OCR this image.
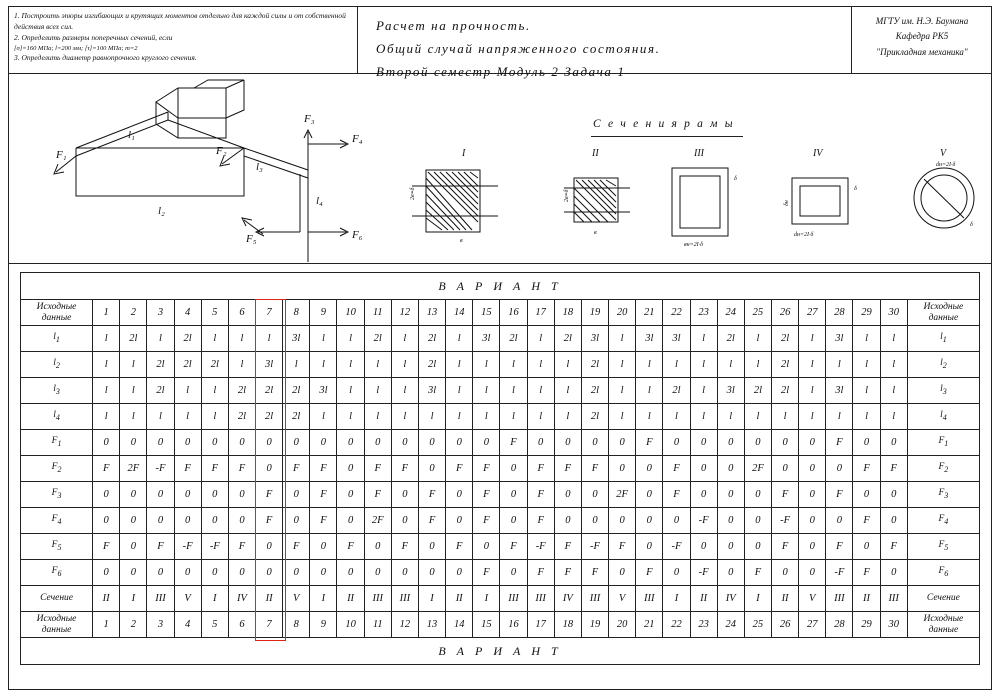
1. Построить эпюры изгибающих и крутящих моментов отдельно для каждой силы и от собственной
действия всех сил.
2. Определить размеры поперечных сечений, если
[σ]=160 МПа; l=200 мм; [τ]=100 МПа; m=2
3. Определить диаметр равнопрочного круглого сечения.
Расчет на прочность.
Общий случай напряженного состояния.
Второй семестр Модуль 2 Задача 1
МГТУ им. Н.Э. Баумана
Кафедра РК5
"Прикладная механика"
l₁
l₂
l₃
l₄
F₁	F₂
F₃
F₄
F₅	F₆
2в≡δ
в
2в≡δ
в
δ
вн=2Ι·δ
δ
δн
dн=2Ι·δ
dн=2Ι·δ
δ
С е ч е н и я р а м ы
I	II	III	IV	V
В А Р И А Н Т																															
Исходные
данные	1	2	3	4	5	6	7	8	9	10	11	12	13	14	15	16	17	18	19	20	21	22	23	24	25	26	27	28	29	30	Исходные
данные
$l_1$	l	2l	l	2l	l	l	l	3l	l	l	2l	l	2l	l	3l	2l	l	2l	3l	l	3l	3l	l	2l	l	2l	l	3l	l	l	$l_1$
$l_2$	l	l	2l	2l	2l	l	3l	l	l	l	l	l	2l	l	l	l	l	l	2l	l	l	l	l	l	l	2l	l	l	l	l	$l_2$
$l_3$	l	l	2l	l	l	2l	2l	2l	3l	l	l	l	3l	l	l	l	l	l	2l	l	l	2l	l	3l	2l	2l	l	3l	l	l	$l_3$
$l_4$	l	l	l	l	l	2l	2l	2l	l	l	l	l	l	l	l	l	l	l	2l	l	l	l	l	l	l	l	l	l	l	l	$l_4$
$F_1$	0	0	0	0	0	0	0	0	0	0	0	0	0	0	0	F	0	0	0	0	F	0	0	0	0	0	0	F	0	0	$F_1$
$F_2$	F	2F	-F	F	F	F	0	F	F	0	F	F	0	F	F	0	F	F	F	0	0	F	0	0	2F	0	0	0	F	F	$F_2$
$F_3$	0	0	0	0	0	0	F	0	F	0	F	0	F	0	F	0	F	0	0	2F	0	F	0	0	0	F	0	F	0	0	$F_3$
$F_4$	0	0	0	0	0	0	F	0	F	0	2F	0	F	0	F	0	F	0	0	0	0	0	-F	0	0	-F	0	0	F	0	$F_4$
$F_5$	F	0	F	-F	-F	F	0	F	0	F	0	F	0	F	0	F	-F	F	-F	F	0	-F	0	0	0	F	0	F	0	F	$F_5$
$F_6$	0	0	0	0	0	0	0	0	0	0	0	0	0	0	F	0	F	F	F	0	F	0	-F	0	F	0	0	-F	F	0	$F_6$
Сечение	II	I	III	V	I	IV	II	V	I	II	III	III	I	II	I	III	III	IV	III	V	III	I	II	IV	I	II	V	III	II	III	Сечение
Исходные
данные	1	2	3	4	5	6	7	8	9	10	11	12	13	14	15	16	17	18	19	20	21	22	23	24	25	26	27	28	29	30	Исходные
данные
В А Р И А Н Т																															
